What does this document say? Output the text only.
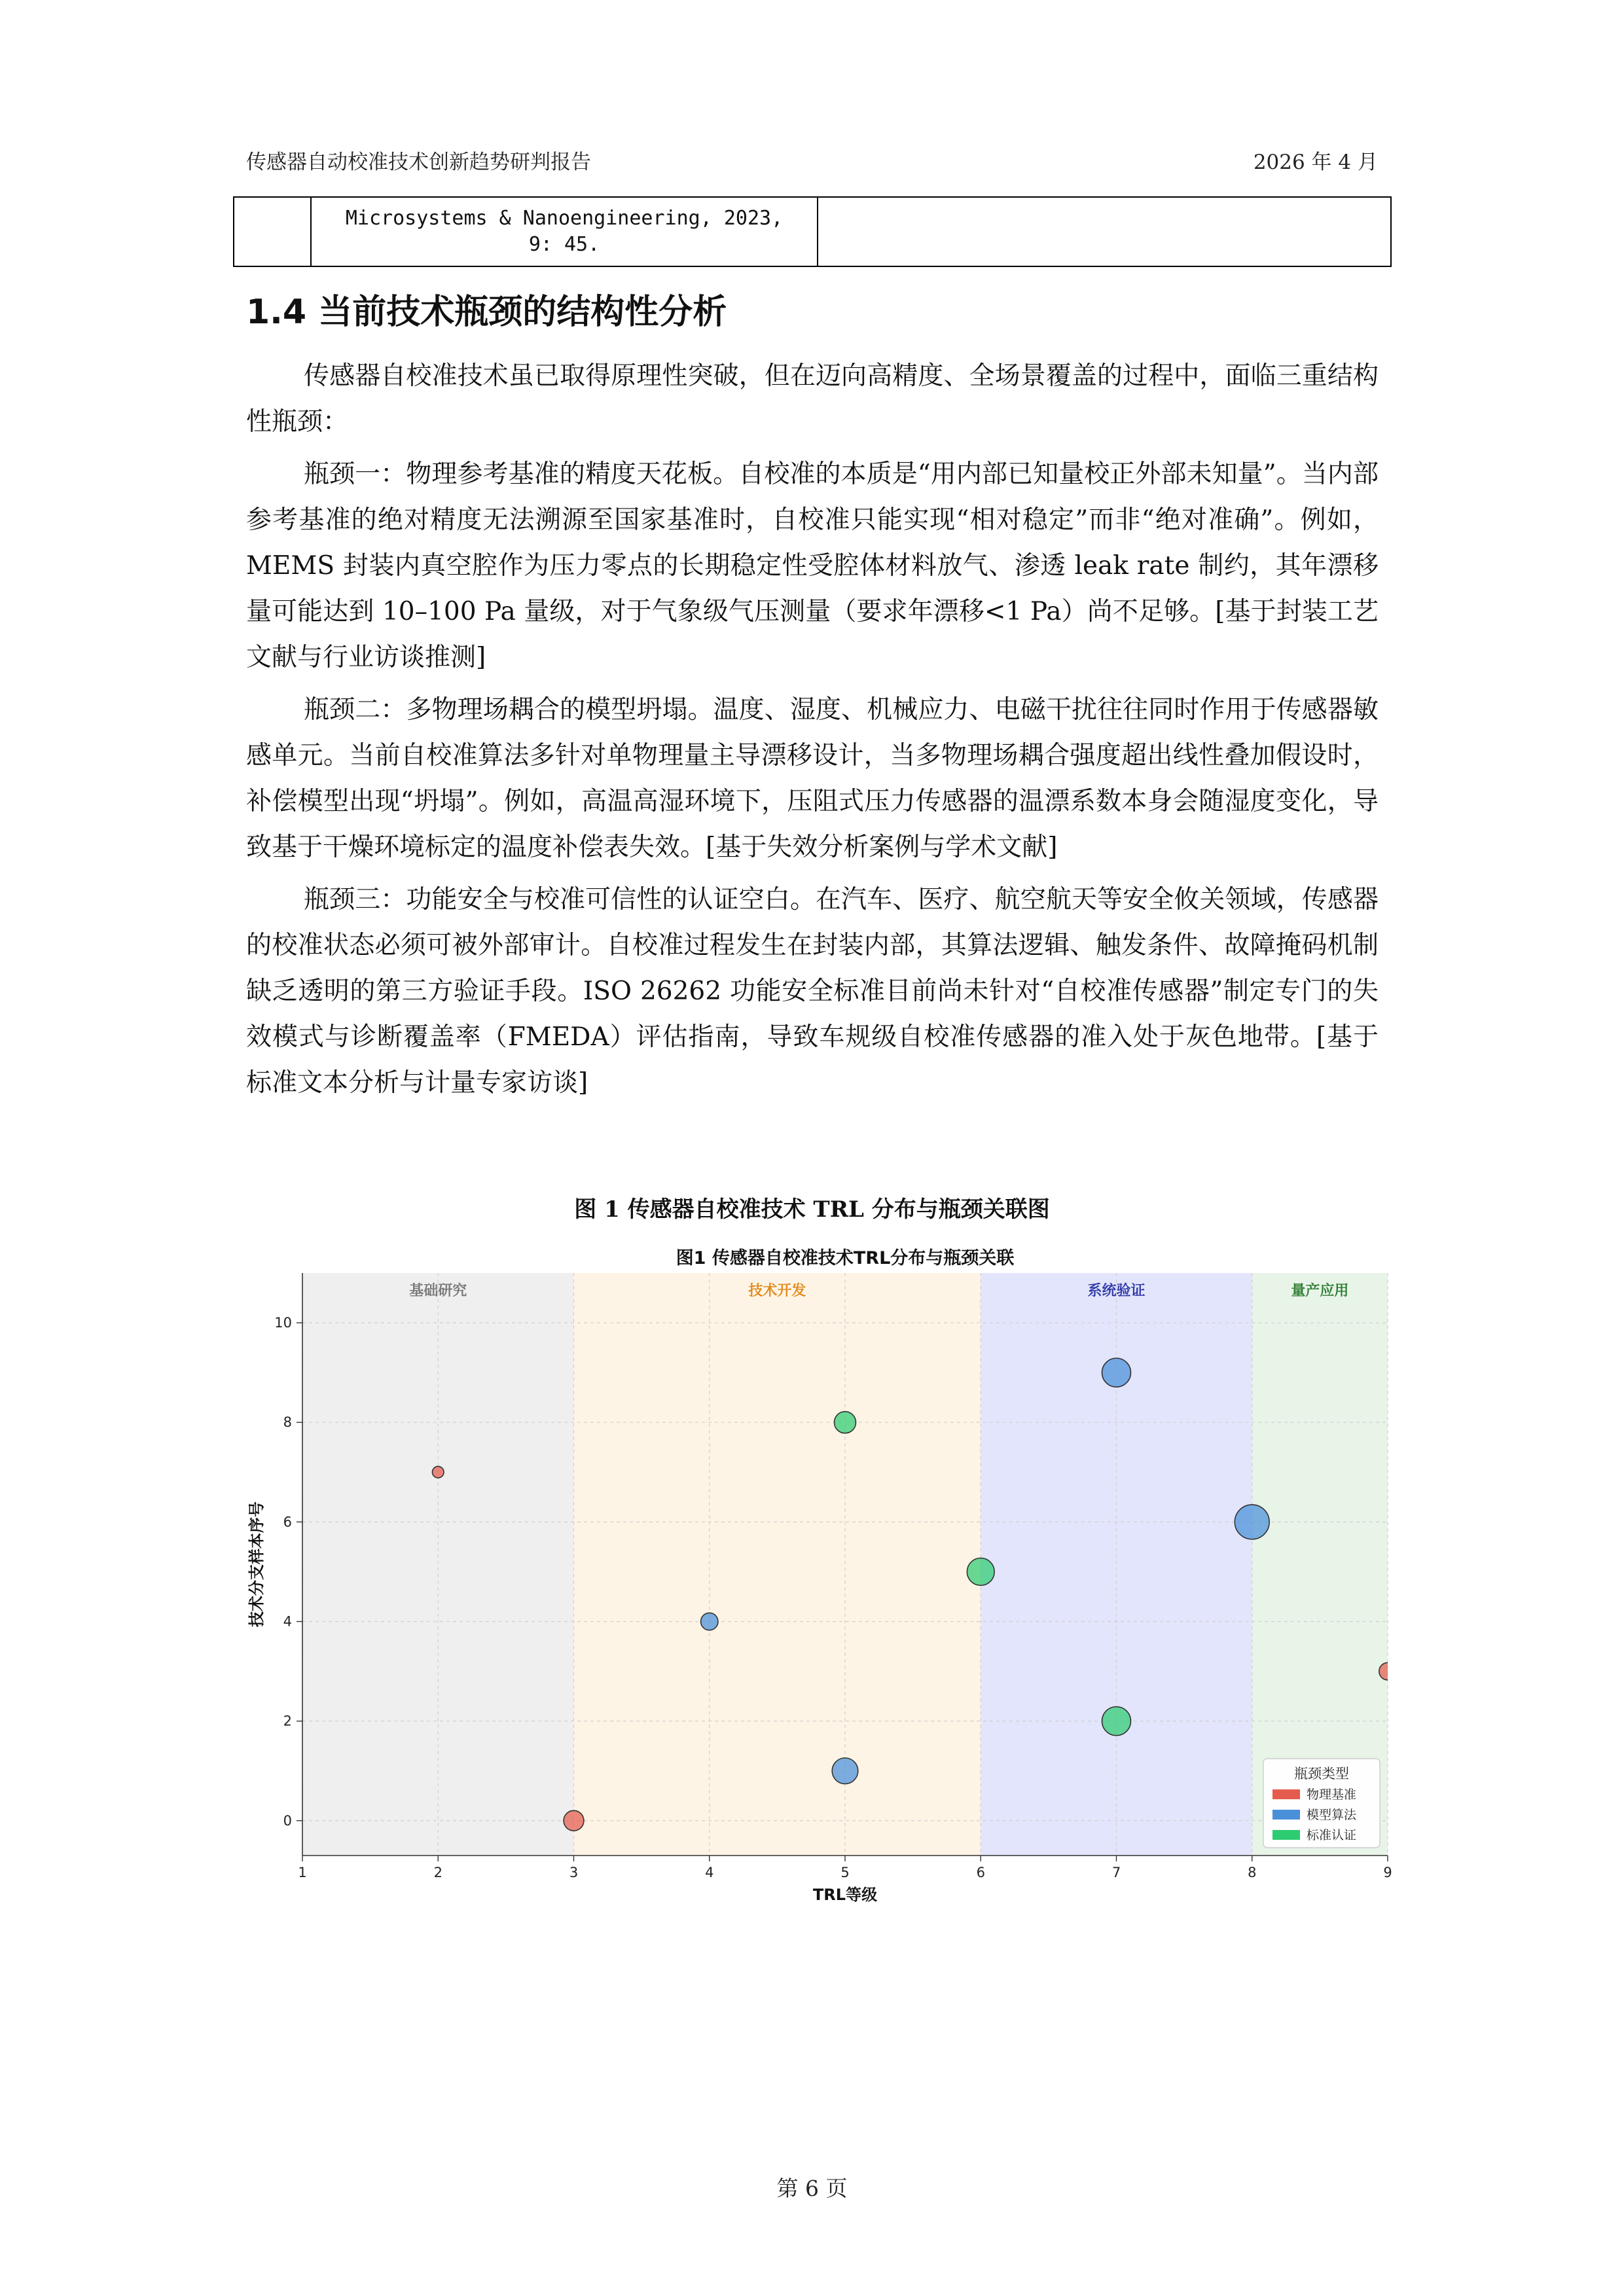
传感器自动校准技术创新趋势研判报告	2026 年 4 月

Microsystems & Nanoengineering, 2023,
9: 45.

1.4 当前技术瓶颈的结构性分析

传感器自校准技术虽已取得原理性突破，但在迈向高精度、全场景覆盖的过程中，面临三重结构性瓶颈：

瓶颈一：物理参考基准的精度天花板。自校准的本质是“用内部已知量校正外部未知量”。当内部参考基准的绝对精度无法溯源至国家基准时，自校准只能实现“相对稳定”而非“绝对准确”。例如，MEMS 封装内真空腔作为压力零点的长期稳定性受腔体材料放气、渗透 leak rate 制约，其年漂移量可能达到 10–100 Pa 量级，对于气象级气压测量（要求年漂移<1 Pa）尚不足够。[基于封装工艺文献与行业访谈推测]

瓶颈二：多物理场耦合的模型坍塌。温度、湿度、机械应力、电磁干扰往往同时作用于传感器敏感单元。当前自校准算法多针对单物理量主导漂移设计，当多物理场耦合强度超出线性叠加假设时，补偿模型出现“坍塌”。例如，高温高湿环境下，压阻式压力传感器的温漂系数本身会随湿度变化，导致基于干燥环境标定的温度补偿表失效。[基于失效分析案例与学术文献]

瓶颈三：功能安全与校准可信性的认证空白。在汽车、医疗、航空航天等安全攸关领域，传感器的校准状态必须可被外部审计。自校准过程发生在封装内部，其算法逻辑、触发条件、故障掩码机制缺乏透明的第三方验证手段。ISO 26262 功能安全标准目前尚未针对“自校准传感器”制定专门的失效模式与诊断覆盖率（FMEDA）评估指南，导致车规级自校准传感器的准入处于灰色地带。[基于标准文本分析与计量专家访谈]

图 1 传感器自校准技术 TRL 分布与瓶颈关联图
图1 传感器自校准技术TRL分布与瓶颈关联
基础研究	技术开发	系统验证	量产应用
1	2	3	4	5	6	7	8	9
0
2
4
6
8
10
TRL等级
技术分支样本序号
瓶颈类型
物理基准
模型算法
标准认证
第 6 页
